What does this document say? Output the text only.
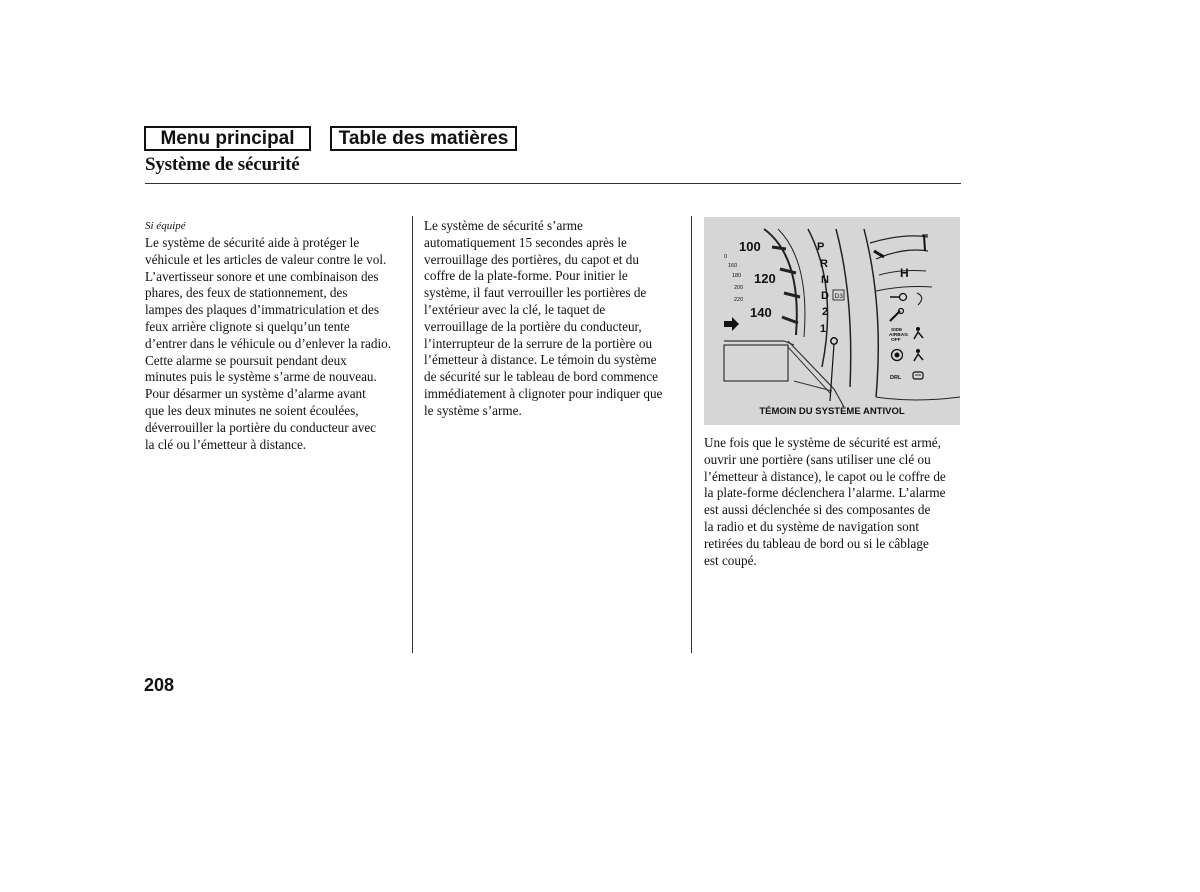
Menu principal	Table des matières
Système de sécurité
Si équipé
Le système de sécurité aide à protéger le
véhicule et les articles de valeur contre le vol.
L’avertisseur sonore et une combinaison des
phares, des feux de stationnement, des
lampes des plaques d’immatriculation et des
feux arrière clignote si quelqu’un tente
d’entrer dans le véhicule ou d’enlever la radio.
Cette alarme se poursuit pendant deux
minutes puis le système s’arme de nouveau.
Pour désarmer un système d’alarme avant
que les deux minutes ne soient écoulées,
déverrouiller la portière du conducteur avec
la clé ou l’émetteur à distance.
Le système de sécurité s’arme
automatiquement 15 secondes après le
verrouillage des portières, du capot et du
coffre de la plate-forme. Pour initier le
système, il faut verrouiller les portières de
l’extérieur avec la clé, le taquet de
verrouillage de la portière du conducteur,
l’interrupteur de la serrure de la portière ou
l’émetteur à distance. Le témoin du système
de sécurité sur le tableau de bord commence
immédiatement à clignoter pour indiquer que
le système s’arme.
100
120
140
0
160
180
200
220
P
R
N
D
2
1
D3
H
SIDE
AIRBAG
OFF
DRL
TÉMOIN DU SYSTÈME ANTIVOL
Une fois que le système de sécurité est armé,
ouvrir une portière (sans utiliser une clé ou
l’émetteur à distance), le capot ou le coffre de
la plate-forme déclenchera l’alarme. L’alarme
est aussi déclenchée si des composantes de
la radio et du système de navigation sont
retirées du tableau de bord ou si le câblage
est coupé.
208
